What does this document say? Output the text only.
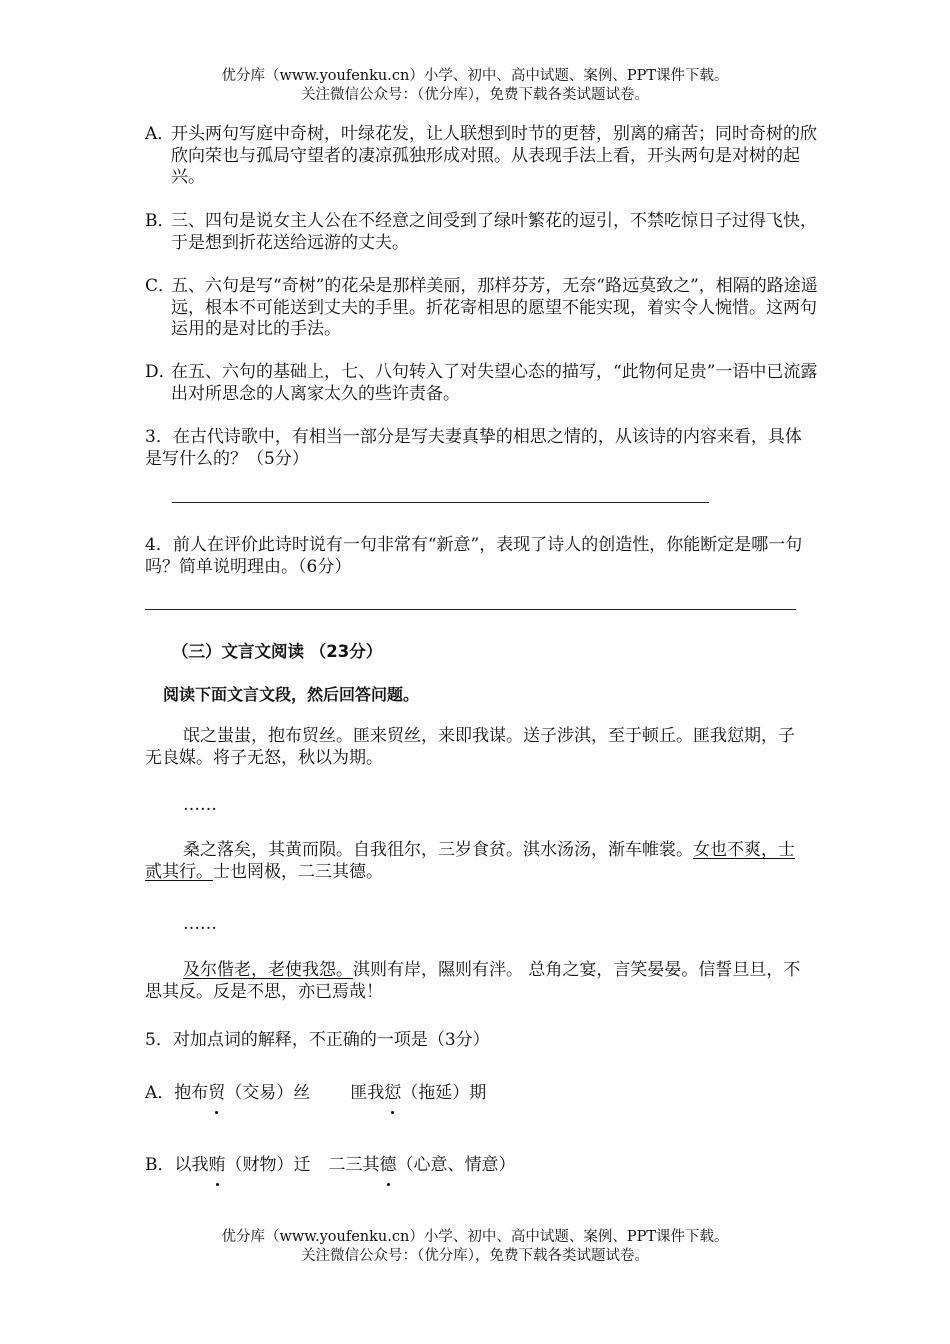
优分库（www.youfenku.cn）小学、初中、高中试题、案例、PPT课件下载。
关注微信公众号：（优分库），免费下载各类试题试卷。
A．开头两句写庭中奇树，叶绿花发，让人联想到时节的更替，别离的痛苦；同时奇树的欣欣向荣也与孤局守望者的凄凉孤独形成对照。从表现手法上看，开头两句是对树的起兴。
B．三、四句是说女主人公在不经意之间受到了绿叶繁花的逗引，不禁吃惊日子过得飞快，于是想到折花送给远游的丈夫。
C．五、六句是写“奇树”的花朵是那样美丽，那样芬芳，无奈“路远莫致之”，相隔的路途遥远，根本不可能送到丈夫的手里。折花寄相思的愿望不能实现，着实令人惋惜。这两句运用的是对比的手法。
D．在五、六句的基础上，七、八句转入了对失望心态的描写，“此物何足贵”一语中已流露出对所思念的人离家太久的些许责备。
3．在古代诗歌中，有相当一部分是写夫妻真挚的相思之情的，从该诗的内容来看，具体是写什么的？（5分）
4．前人在评价此诗时说有一句非常有“新意”，表现了诗人的创造性，你能断定是哪一句吗？简单说明理由。（6分）
（三）文言文阅读 （23分）
阅读下面文言文段，然后回答问题。
氓之蚩蚩，抱布贸丝。匪来贸丝，来即我谋。送子涉淇，至于顿丘。匪我愆期，子无良媒。将子无怒，秋以为期。
……
桑之落矣，其黄而陨。自我徂尔，三岁食贫。淇水汤汤，渐车帷裳。女也不爽，士贰其行。士也罔极，二三其德。
……
及尔偕老，老使我怨。淇则有岸，隰则有泮。 总角之宴，言笑晏晏。信誓旦旦，不思其反。反是不思，亦已焉哉！
5．对加点词的解释，不正确的一项是（3分）
A．抱布贸（交易）丝 匪我愆（拖延）期
B．以我贿（财物）迁 二三其德（心意、情意）
优分库（www.youfenku.cn）小学、初中、高中试题、案例、PPT课件下载。
关注微信公众号：（优分库），免费下载各类试题试卷。
